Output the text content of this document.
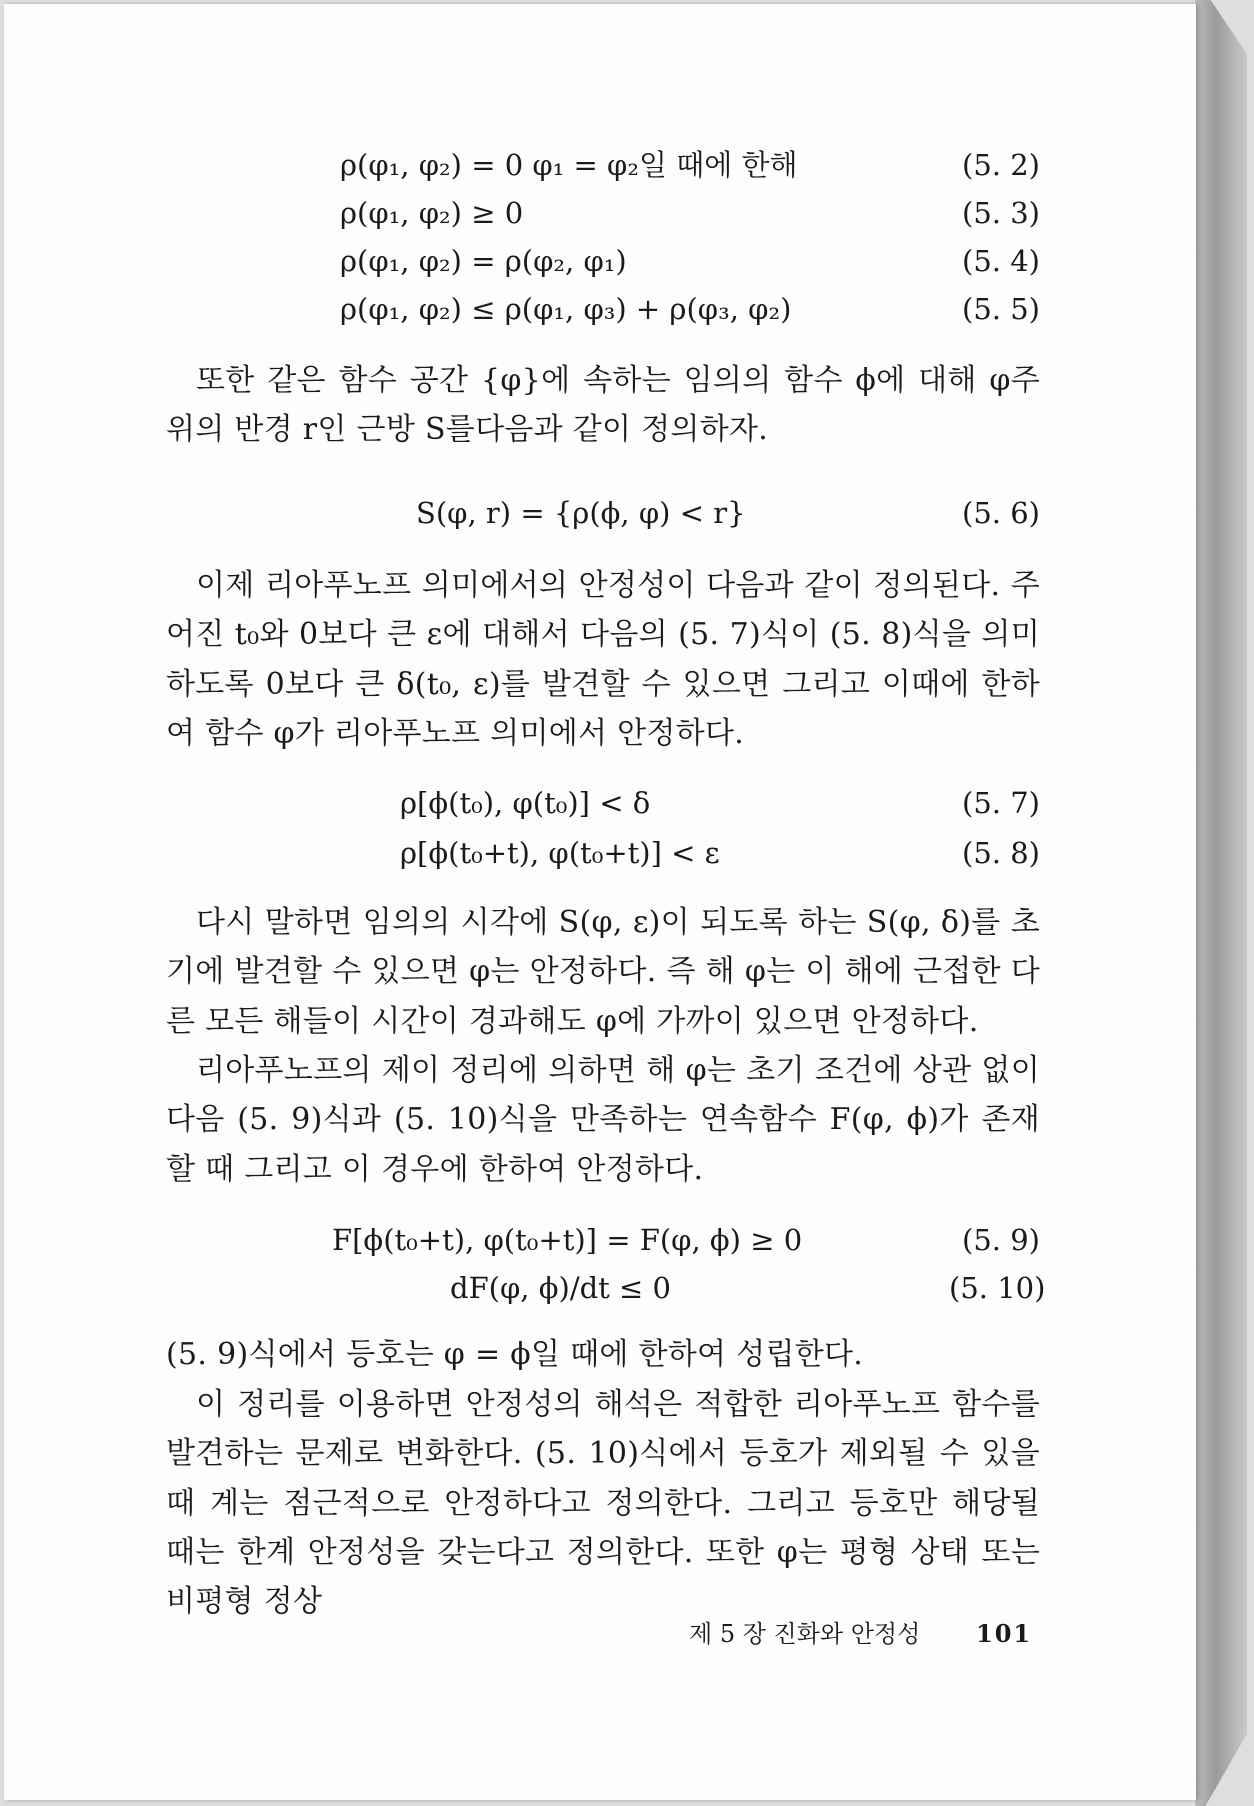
ρ(φ₁, φ₂) = 0 φ₁ = φ₂일 때에 한해	(5. 2)
ρ(φ₁, φ₂) ≥ 0	(5. 3)
ρ(φ₁, φ₂) = ρ(φ₂, φ₁)	(5. 4)
ρ(φ₁, φ₂) ≤ ρ(φ₁, φ₃) + ρ(φ₃, φ₂)	(5. 5)

또한 같은 함수 공간 {φ}에 속하는 임의의 함수 ϕ에 대해 φ주위의 반경 r인 근방 S를다음과 같이 정의하자.

S(φ, r) = {ρ(ϕ, φ) < r}	(5. 6)

이제 리아푸노프 의미에서의 안정성이 다음과 같이 정의된다. 주어진 t₀와 0보다 큰 ε에 대해서 다음의 (5. 7)식이 (5. 8)식을 의미하도록 0보다 큰 δ(t₀, ε)를 발견할 수 있으면 그리고 이때에 한하여 함수 φ가 리아푸노프 의미에서 안정하다.

ρ[ϕ(t₀), φ(t₀)] < δ	(5. 7)
ρ[ϕ(t₀+t), φ(t₀+t)] < ε	(5. 8)

다시 말하면 임의의 시각에 S(φ, ε)이 되도록 하는 S(φ, δ)를 초기에 발견할 수 있으면 φ는 안정하다. 즉 해 φ는 이 해에 근접한 다른 모든 해들이 시간이 경과해도 φ에 가까이 있으면 안정하다.

리아푸노프의 제이 정리에 의하면 해 φ는 초기 조건에 상관 없이 다음 (5. 9)식과 (5. 10)식을 만족하는 연속함수 F(φ, ϕ)가 존재할 때 그리고 이 경우에 한하여 안정하다.

F[ϕ(t₀+t), φ(t₀+t)] = F(φ, ϕ) ≥ 0	(5. 9)
dF(φ, ϕ)/dt ≤ 0	(5. 10)

(5. 9)식에서 등호는 φ = ϕ일 때에 한하여 성립한다.

이 정리를 이용하면 안정성의 해석은 적합한 리아푸노프 함수를 발견하는 문제로 변화한다. (5. 10)식에서 등호가 제외될 수 있을 때 계는 점근적으로 안정하다고 정의한다. 그리고 등호만 해당될 때는 한계 안정성을 갖는다고 정의한다. 또한 φ는 평형 상태 또는 비평형 정상

제 5 장 진화와 안정성 101
